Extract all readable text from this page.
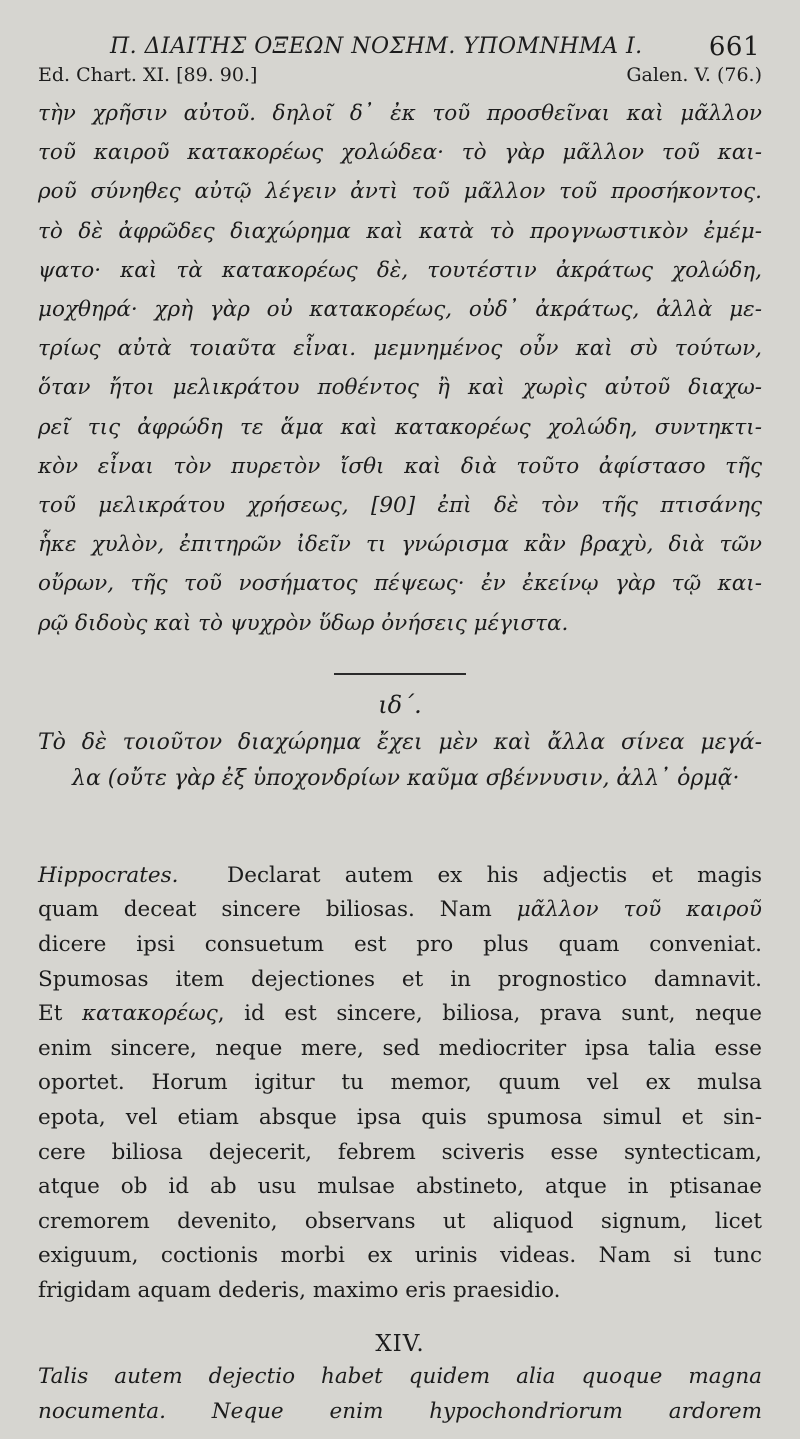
Π. ΔΙΑΙΤΗΣ ΟΞΕΩΝ ΝΟΣΗΜ. ΥΠΟΜΝΗΜΑ Ι.	661
Ed. Chart. XI. [89. 90.]	Galen. V. (76.)
τὴν χρῆσιν αὐτοῦ. δηλοῖ δ᾽ ἐκ τοῦ προσθεῖναι καὶ μᾶλλον
τοῦ καιροῦ κατακορέως χολώδεα· τὸ γὰρ μᾶλλον τοῦ και-
ροῦ σύνηθες αὐτῷ λέγειν ἀντὶ τοῦ μᾶλλον τοῦ προσήκοντος.
τὸ δὲ ἀφρῶδες διαχώρημα καὶ κατὰ τὸ προγνωστικὸν ἐμέμ-
ψατο· καὶ τὰ κατακορέως δὲ, τουτέστιν ἀκράτως χολώδη,
μοχθηρά· χρὴ γὰρ οὐ κατακορέως, οὐδ᾽ ἀκράτως, ἀλλὰ με-
τρίως αὐτὰ τοιαῦτα εἶναι. μεμνημένος οὖν καὶ σὺ τούτων,
ὅταν ἤτοι μελικράτου ποθέντος ἢ καὶ χωρὶς αὐτοῦ διαχω-
ρεῖ τις ἀφρώδη τε ἅμα καὶ κατακορέως χολώδη, συντηκτι-
κὸν εἶναι τὸν πυρετὸν ἴσθι καὶ διὰ τοῦτο ἀφίστασο τῆς
τοῦ μελικράτου χρήσεως, [90] ἐπὶ δὲ τὸν τῆς πτισάνης
ἧκε χυλὸν, ἐπιτηρῶν ἰδεῖν τι γνώρισμα κἂν βραχὺ, διὰ τῶν
οὔρων, τῆς τοῦ νοσήματος πέψεως· ἐν ἐκείνῳ γὰρ τῷ και-
ρῷ διδοὺς καὶ τὸ ψυχρὸν ὕδωρ ὀνήσεις μέγιστα.
ιδ΄.
Τὸ δὲ τοιοῦτον διαχώρημα ἔχει μὲν καὶ ἄλλα σίνεα μεγά-
λα (οὔτε γὰρ ἐξ ὑποχονδρίων καῦμα σβέννυσιν, ἀλλ᾽ ὁρμᾷ·
Hippocrates. Declarat autem ex his adjectis et magis
quam deceat sincere biliosas. Nam μᾶλλον τοῦ καιροῦ
dicere ipsi consuetum est pro plus quam conveniat.
Spumosas item dejectiones et in prognostico damnavit.
Et κατακορέως, id est sincere, biliosa, prava sunt, neque
enim sincere, neque mere, sed mediocriter ipsa talia esse
oportet. Horum igitur tu memor, quum vel ex mulsa
epota, vel etiam absque ipsa quis spumosa simul et sin-
cere biliosa dejecerit, febrem sciveris esse syntecticam,
atque ob id ab usu mulsae abstineto, atque in ptisanae
cremorem devenito, observans ut aliquod signum, licet
exiguum, coctionis morbi ex urinis videas. Nam si tunc
frigidam aquam dederis, maximo eris praesidio.
XIV.
Talis autem dejectio habet quidem alia quoque magna
nocumenta. Neque enim hypochondriorum ardorem
